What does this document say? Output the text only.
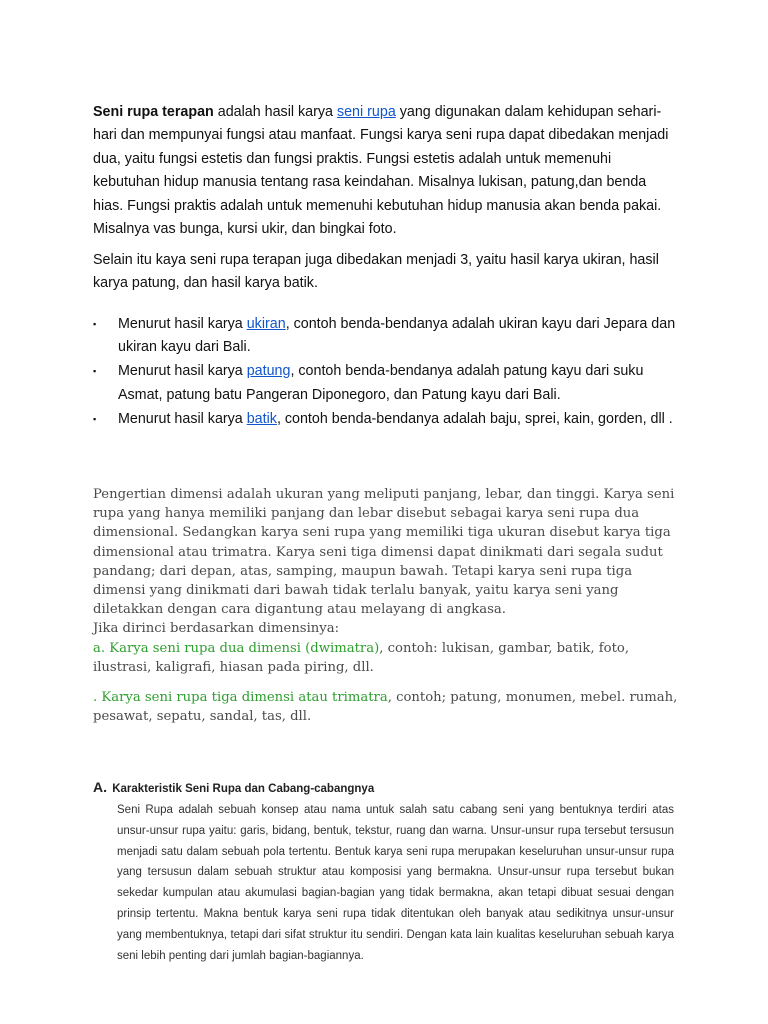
Seni rupa terapan adalah hasil karya seni rupa yang digunakan dalam kehidupan sehari-hari dan mempunyai fungsi atau manfaat. Fungsi karya seni rupa dapat dibedakan menjadi dua, yaitu fungsi estetis dan fungsi praktis. Fungsi estetis adalah untuk memenuhi kebutuhan hidup manusia tentang rasa keindahan. Misalnya lukisan, patung,dan benda hias. Fungsi praktis adalah untuk memenuhi kebutuhan hidup manusia akan benda pakai. Misalnya vas bunga, kursi ukir, dan bingkai foto.

Selain itu kaya seni rupa terapan juga dibedakan menjadi 3, yaitu hasil karya ukiran, hasil karya patung, dan hasil karya batik.

▪ Menurut hasil karya ukiran, contoh benda-bendanya adalah ukiran kayu dari Jepara dan ukiran kayu dari Bali.
▪ Menurut hasil karya patung, contoh benda-bendanya adalah patung kayu dari suku Asmat, patung batu Pangeran Diponegoro, dan Patung kayu dari Bali.
▪ Menurut hasil karya batik, contoh benda-bendanya adalah baju, sprei, kain, gorden, dll .

Pengertian dimensi adalah ukuran yang meliputi panjang, lebar, dan tinggi. Karya seni rupa yang hanya memiliki panjang dan lebar disebut sebagai karya seni rupa dua dimensional. Sedangkan karya seni rupa yang memiliki tiga ukuran disebut karya tiga dimensional atau trimatra. Karya seni tiga dimensi dapat dinikmati dari segala sudut pandang; dari depan, atas, samping, maupun bawah. Tetapi karya seni rupa tiga dimensi yang dinikmati dari bawah tidak terlalu banyak, yaitu karya seni yang diletakkan dengan cara digantung atau melayang di angkasa.

Jika dirinci berdasarkan dimensinya:

a. Karya seni rupa dua dimensi (dwimatra), contoh: lukisan, gambar, batik, foto, ilustrasi, kaligrafi, hiasan pada piring, dll.

. Karya seni rupa tiga dimensi atau trimatra, contoh; patung, monumen, mebel. rumah, pesawat, sepatu, sandal, tas, dll.

A. Karakteristik Seni Rupa dan Cabang-cabangnya

Seni Rupa adalah sebuah konsep atau nama untuk salah satu cabang seni yang bentuknya terdiri atas unsur-unsur rupa yaitu: garis, bidang, bentuk, tekstur, ruang dan warna. Unsur-unsur rupa tersebut tersusun menjadi satu dalam sebuah pola tertentu. Bentuk karya seni rupa merupakan keseluruhan unsur-unsur rupa yang tersusun dalam sebuah struktur atau komposisi yang bermakna. Unsur-unsur rupa tersebut bukan sekedar kumpulan atau akumulasi bagian-bagian yang tidak bermakna, akan tetapi dibuat sesuai dengan prinsip tertentu. Makna bentuk karya seni rupa tidak ditentukan oleh banyak atau sedikitnya unsur-unsur yang membentuknya, tetapi dari sifat struktur itu sendiri. Dengan kata lain kualitas keseluruhan sebuah karya seni lebih penting dari jumlah bagian-bagiannya.
